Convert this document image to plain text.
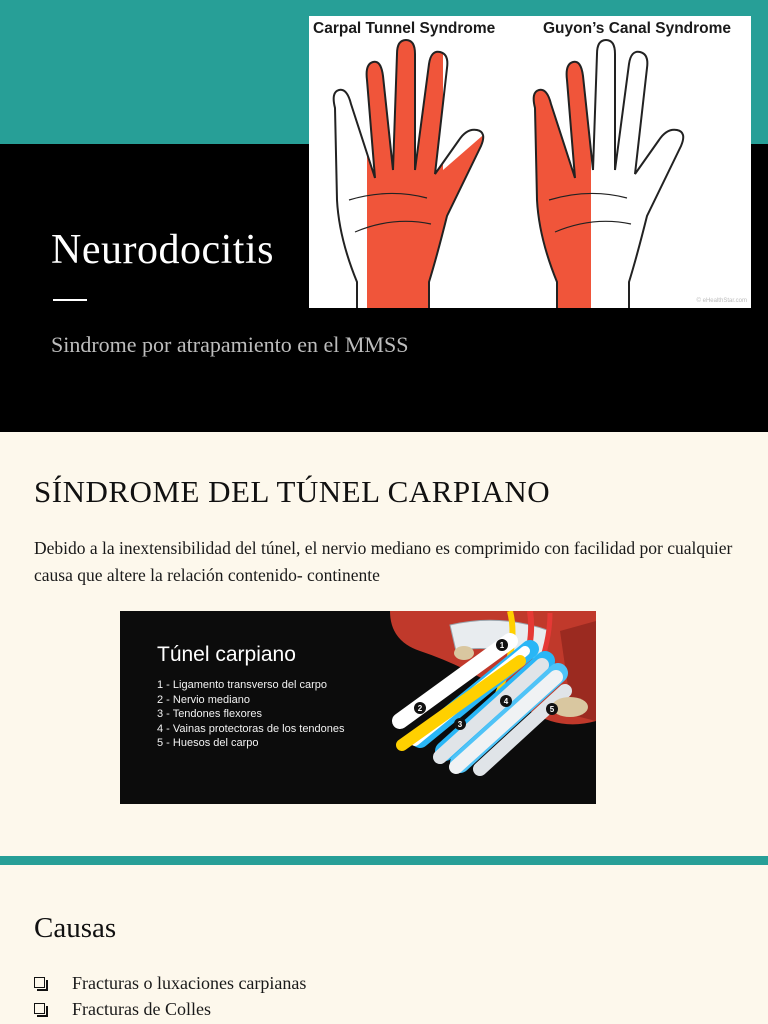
Carpal Tunnel Syndrome	Guyon’s Canal Syndrome
© eHealthStar.com
Neurodocitis

Sindrome por atrapamiento en el MMSS

SÍNDROME DEL TÚNEL CARPIANO

Debido a la inextensibilidad del túnel, el nervio mediano es comprimido con facilidad por cualquier causa que altere la relación contenido- continente

1
2
3
4
5
Túnel carpiano
1 - Ligamento transverso del carpo
2 - Nervio mediano
3 - Tendones flexores
4 - Vainas protectoras de los tendones
5 - Huesos del carpo
Causas
Fracturas o luxaciones carpianas
Fracturas de Colles
